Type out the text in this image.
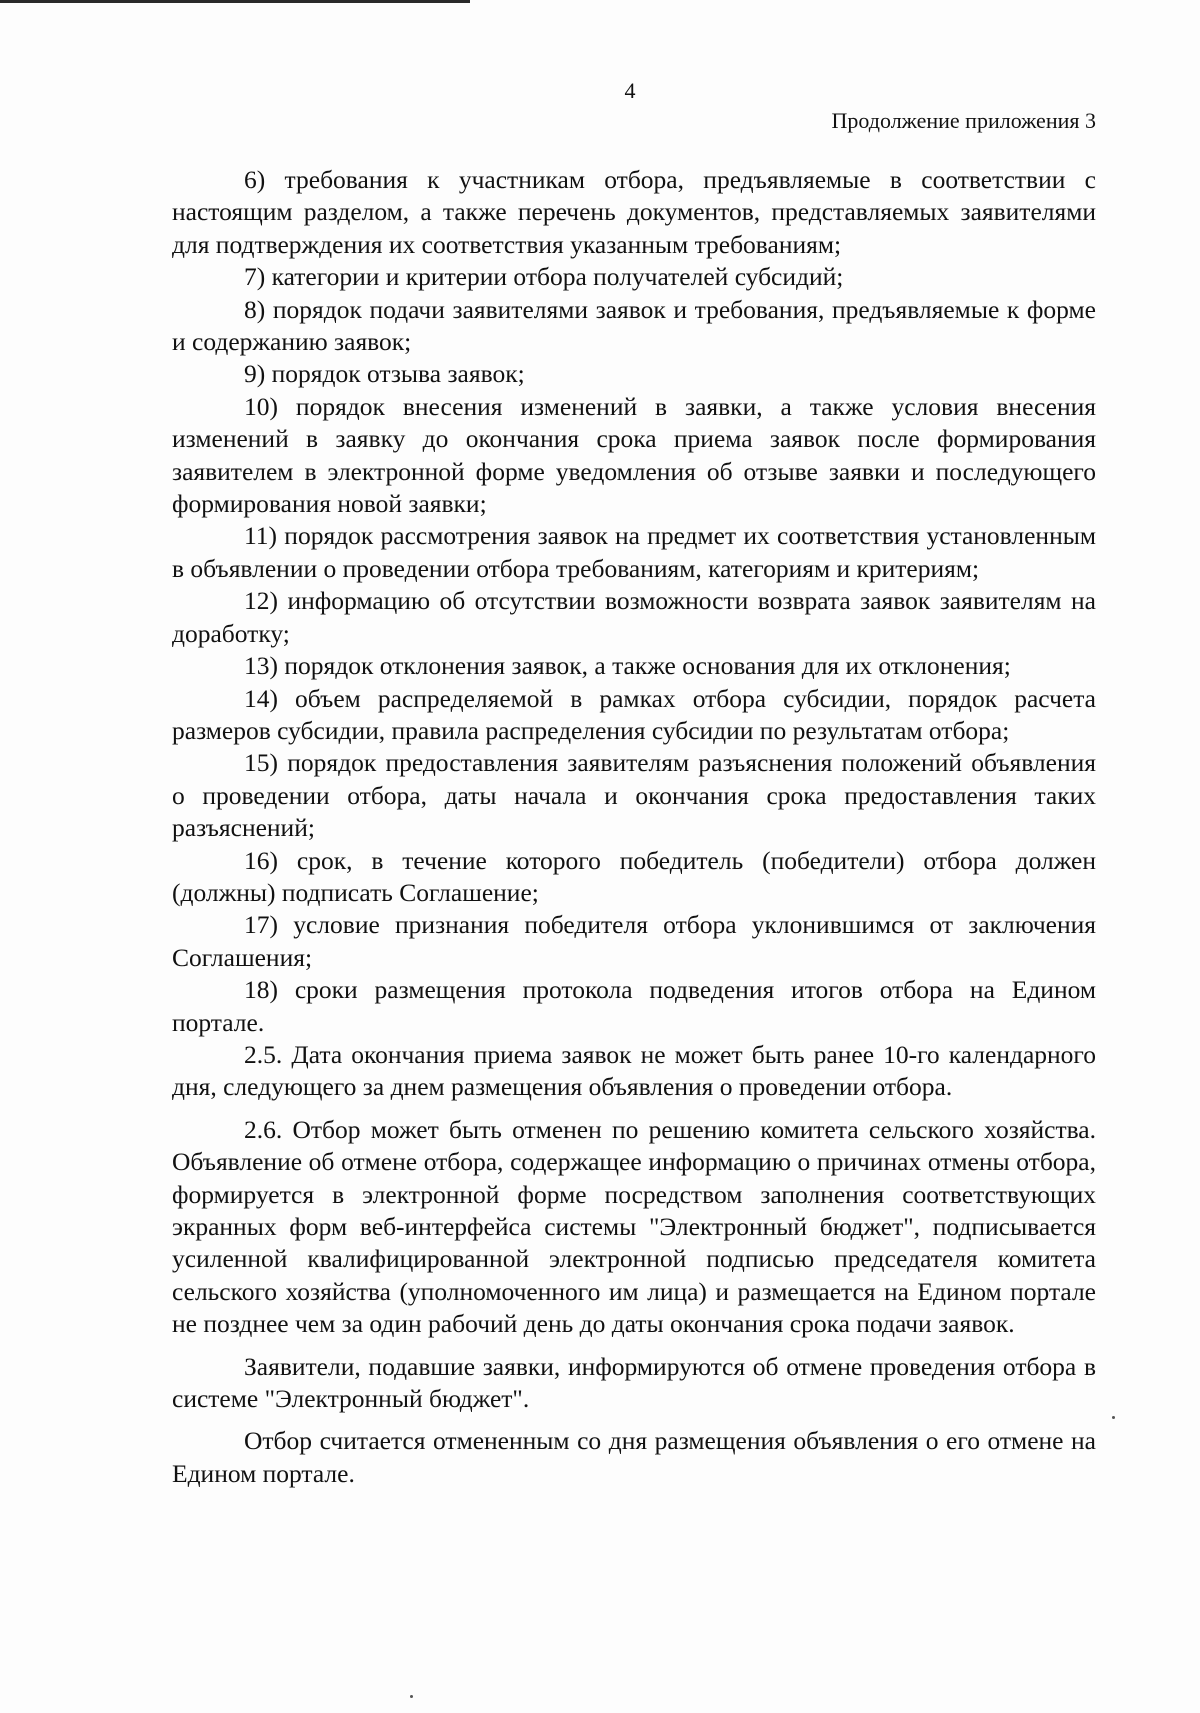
4
Продолжение приложения 3

6) требования к участникам отбора, предъявляемые в соответствии с настоящим разделом, а также перечень документов, представляемых заявителями для подтверждения их соответствия указанным требованиям;

7) категории и критерии отбора получателей субсидий;

8) порядок подачи заявителями заявок и требования, предъявляемые к форме и содержанию заявок;

9) порядок отзыва заявок;

10) порядок внесения изменений в заявки, а также условия внесения изменений в заявку до окончания срока приема заявок после формирования заявителем в электронной форме уведомления об отзыве заявки и последующего формирования новой заявки;

11) порядок рассмотрения заявок на предмет их соответствия установленным в объявлении о проведении отбора требованиям, категориям и критериям;

12) информацию об отсутствии возможности возврата заявок заявителям на доработку;

13) порядок отклонения заявок, а также основания для их отклонения;

14) объем распределяемой в рамках отбора субсидии, порядок расчета размеров субсидии, правила распределения субсидии по результатам отбора;

15) порядок предоставления заявителям разъяснения положений объявления о проведении отбора, даты начала и окончания срока предоставления таких разъяснений;

16) срок, в течение которого победитель (победители) отбора должен (должны) подписать Соглашение;

17) условие признания победителя отбора уклонившимся от заключения Соглашения;

18) сроки размещения протокола подведения итогов отбора на Едином портале.

2.5. Дата окончания приема заявок не может быть ранее 10-го календарного дня, следующего за днем размещения объявления о проведении отбора.

2.6. Отбор может быть отменен по решению комитета сельского хозяйства. Объявление об отмене отбора, содержащее информацию о причинах отмены отбора, формируется в электронной форме посредством заполнения соответствующих экранных форм веб-интерфейса системы "Электронный бюджет", подписывается усиленной квалифицированной электронной подписью председателя комитета сельского хозяйства (уполномоченного им лица) и размещается на Едином портале не позднее чем за один рабочий день до даты окончания срока подачи заявок.

Заявители, подавшие заявки, информируются об отмене проведения отбора в системе "Электронный бюджет".

Отбор считается отмененным со дня размещения объявления о его отмене на Едином портале.
